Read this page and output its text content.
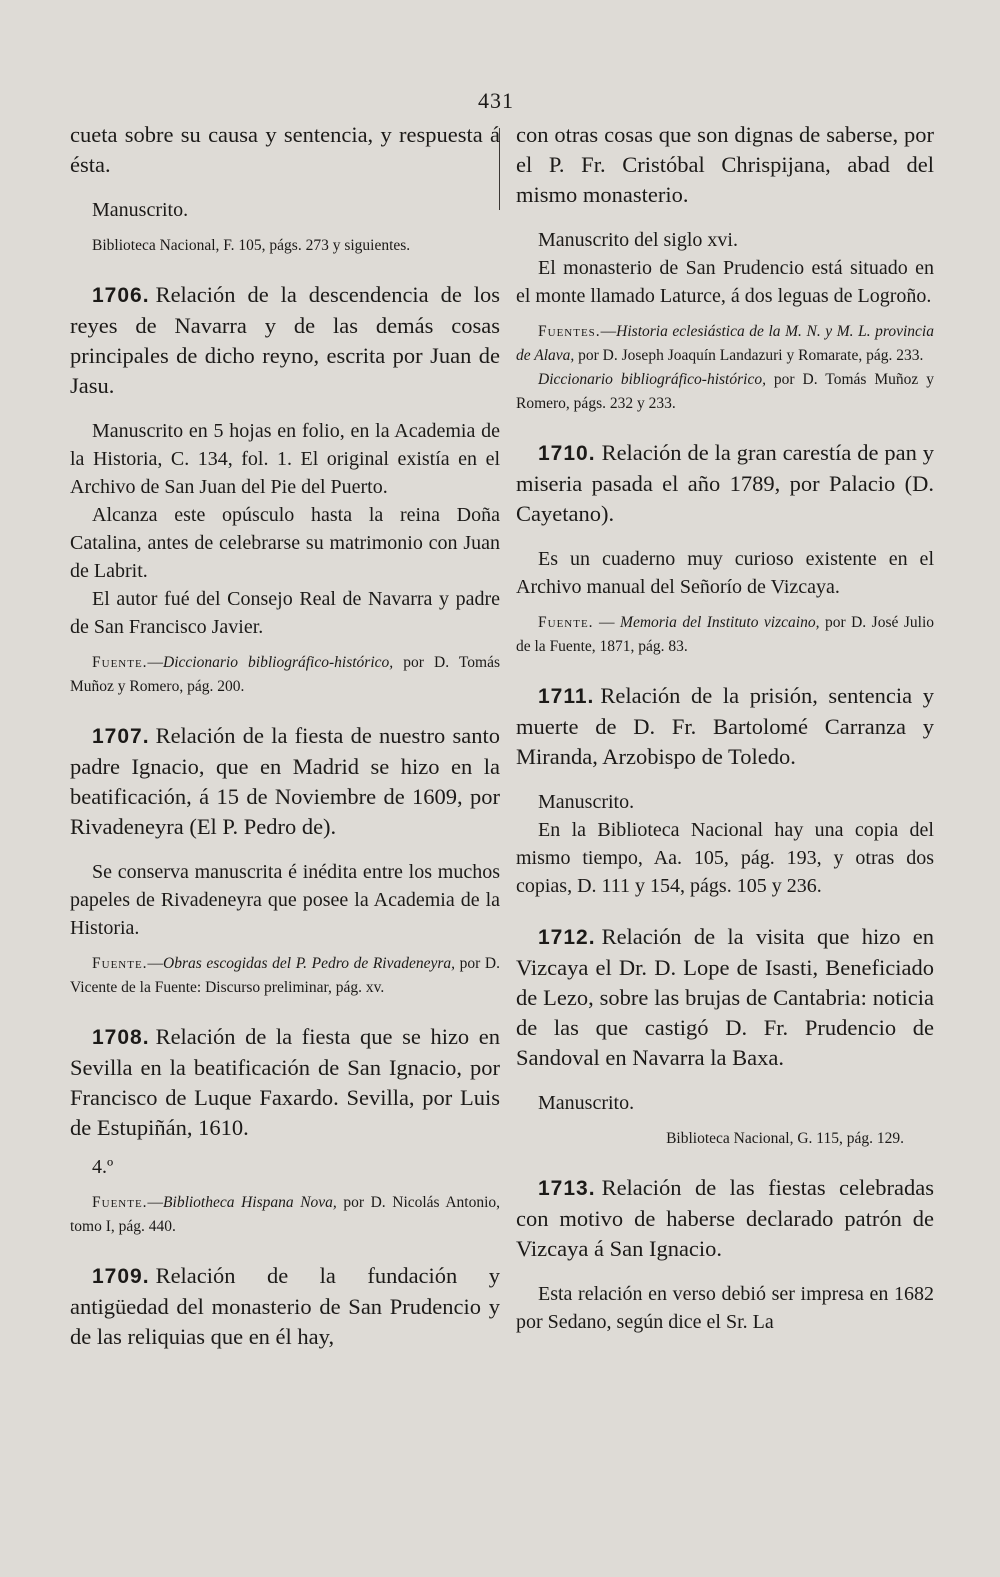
431

cueta sobre su causa y sentencia, y respuesta á ésta.

Manuscrito.

Biblioteca Nacional, F. 105, págs. 273 y siguientes.

1706. Relación de la descendencia de los reyes de Navarra y de las demás cosas principales de dicho reyno, escrita por Juan de Jasu.

Manuscrito en 5 hojas en folio, en la Academia de la Historia, C. 134, fol. 1. El original existía en el Archivo de San Juan del Pie del Puerto.

Alcanza este opúsculo hasta la reina Doña Catalina, antes de celebrarse su matrimonio con Juan de Labrit.

El autor fué del Consejo Real de Navarra y padre de San Francisco Javier.

Fuente.—Diccionario bibliográfico-histórico, por D. Tomás Muñoz y Romero, pág. 200.

1707. Relación de la fiesta de nuestro santo padre Ignacio, que en Madrid se hizo en la beatificación, á 15 de Noviembre de 1609, por Rivadeneyra (El P. Pedro de).

Se conserva manuscrita é inédita entre los muchos papeles de Rivadeneyra que posee la Academia de la Historia.

Fuente.—Obras escogidas del P. Pedro de Rivadeneyra, por D. Vicente de la Fuente: Discurso preliminar, pág. xv.

1708. Relación de la fiesta que se hizo en Sevilla en la beatificación de San Ignacio, por Francisco de Luque Faxardo. Sevilla, por Luis de Estupiñán, 1610.

4.º

Fuente.—Bibliotheca Hispana Nova, por D. Nicolás Antonio, tomo I, pág. 440.

1709. Relación de la fundación y antigüedad del monasterio de San Prudencio y de las reliquias que en él hay,

con otras cosas que son dignas de saberse, por el P. Fr. Cristóbal Chrispijana, abad del mismo monasterio.

Manuscrito del siglo xvi.

El monasterio de San Prudencio está situado en el monte llamado Laturce, á dos leguas de Logroño.

Fuentes.—Historia eclesiástica de la M. N. y M. L. provincia de Alava, por D. Joseph Joaquín Landazuri y Romarate, pág. 233.

Diccionario bibliográfico-histórico, por D. Tomás Muñoz y Romero, págs. 232 y 233.

1710. Relación de la gran carestía de pan y miseria pasada el año 1789, por Palacio (D. Cayetano).

Es un cuaderno muy curioso existente en el Archivo manual del Señorío de Vizcaya.

Fuente. — Memoria del Instituto vizcaino, por D. José Julio de la Fuente, 1871, pág. 83.

1711. Relación de la prisión, sentencia y muerte de D. Fr. Bartolomé Carranza y Miranda, Arzobispo de Toledo.

Manuscrito.

En la Biblioteca Nacional hay una copia del mismo tiempo, Aa. 105, pág. 193, y otras dos copias, D. 111 y 154, págs. 105 y 236.

1712. Relación de la visita que hizo en Vizcaya el Dr. D. Lope de Isasti, Beneficiado de Lezo, sobre las brujas de Cantabria: noticia de las que castigó D. Fr. Prudencio de Sandoval en Navarra la Baxa.

Manuscrito.

Biblioteca Nacional, G. 115, pág. 129.

1713. Relación de las fiestas celebradas con motivo de haberse declarado patrón de Vizcaya á San Ignacio.

Esta relación en verso debió ser impresa en 1682 por Sedano, según dice el Sr. La
